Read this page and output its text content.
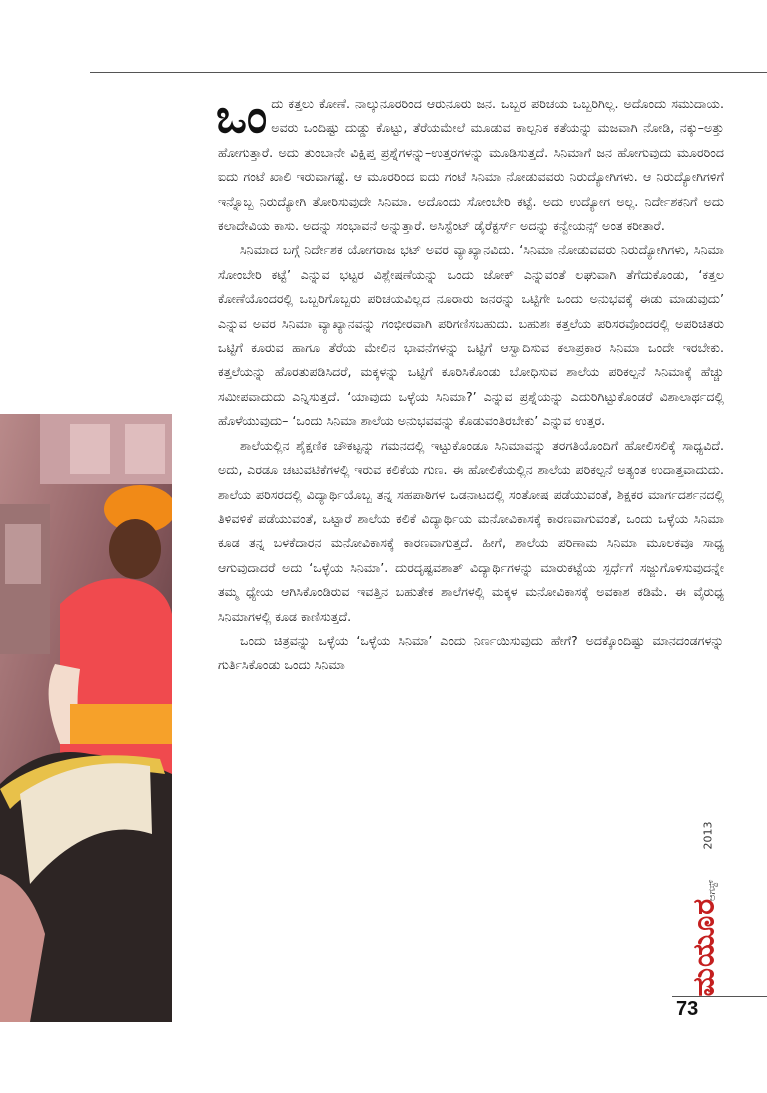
ಒಂದು ಕತ್ತಲು ಕೋಣೆ. ನಾಲ್ಕುನೂರರಿಂದ ಆರುನೂರು ಜನ. ಒಬ್ಬರ ಪರಿಚಯ ಒಬ್ಬರಿಗಿಲ್ಲ. ಅದೊಂದು ಸಮುದಾಯ. ಅವರು ಒಂದಿಷ್ಟು ದುಡ್ಡು ಕೊಟ್ಟು, ತೆರೆಯಮೇಲೆ ಮೂಡುವ ಕಾಲ್ಪನಿಕ ಕತೆಯನ್ನು ಮಜವಾಗಿ ನೋಡಿ, ನಕ್ಕು–ಅತ್ತು ಹೋಗುತ್ತಾರೆ. ಅದು ತುಂಬಾನೇ ವಿಕ್ಷಿಪ್ತ ಪ್ರಶ್ನೆಗಳನ್ನು–ಉತ್ತರಗಳನ್ನು ಮೂಡಿಸುತ್ತದೆ. ಸಿನಿಮಾಗೆ ಜನ ಹೋಗುವುದು ಮೂರರಿಂದ ಐದು ಗಂಟೆ ಖಾಲಿ ಇರುವಾಗಷ್ಟೆ. ಆ ಮೂರರಿಂದ ಐದು ಗಂಟೆ ಸಿನಿಮಾ ನೋಡುವವರು ನಿರುದ್ಯೋಗಿಗಳು. ಆ ನಿರುದ್ಯೋಗಿಗಳಿಗೆ ಇನ್ನೊಬ್ಬ ನಿರುದ್ಯೋಗಿ ತೋರಿಸುವುದೇ ಸಿನಿಮಾ. ಅದೊಂದು ಸೋಂಬೇರಿ ಕಟ್ಟೆ. ಅದು ಉದ್ಯೋಗ ಅಲ್ಲ. ನಿರ್ದೇಶಕನಿಗೆ ಅದು ಕಲಾದೇವಿಯ ಕಾಸು. ಅದನ್ನು ಸಂಭಾವನೆ ಅನ್ನುತ್ತಾರೆ. ಅಸಿಸ್ಟೆಂಟ್ ಡೈರೆಕ್ಟರ್ಸ್ ಅದನ್ನು ಕನ್ವೇಯನ್ಸ್ ಅಂತ ಕರೀತಾರೆ.

ಸಿನಿಮಾದ ಬಗ್ಗೆ ನಿರ್ದೇಶಕ ಯೋಗರಾಜ ಭಟ್ ಅವರ ವ್ಯಾಖ್ಯಾನವಿದು. ‘ಸಿನಿಮಾ ನೋಡುವವರು ನಿರುದ್ಯೋಗಿಗಳು, ಸಿನಿಮಾ ಸೋಂಬೇರಿ ಕಟ್ಟೆ’ ಎನ್ನುವ ಭಟ್ಟರ ವಿಶ್ಲೇಷಣೆಯನ್ನು ಒಂದು ಜೋಕ್ ಎನ್ನುವಂತೆ ಲಘುವಾಗಿ ತೆಗೆದುಕೊಂಡು, ‘ಕತ್ತಲ ಕೋಣೆಯೊಂದರಲ್ಲಿ ಒಬ್ಬರಿಗೊಬ್ಬರು ಪರಿಚಯವಿಲ್ಲದ ನೂರಾರು ಜನರನ್ನು ಒಟ್ಟಿಗೇ ಒಂದು ಅನುಭವಕ್ಕೆ ಈಡು ಮಾಡುವುದು’ ಎನ್ನುವ ಅವರ ಸಿನಿಮಾ ವ್ಯಾಖ್ಯಾನವನ್ನು ಗಂಭೀರವಾಗಿ ಪರಿಗಣಿಸಬಹುದು. ಬಹುಶಃ ಕತ್ತಲೆಯ ಪರಿಸರವೊಂದರಲ್ಲಿ ಅಪರಿಚಿತರು ಒಟ್ಟಿಗೆ ಕೂರುವ ಹಾಗೂ ತೆರೆಯ ಮೇಲಿನ ಭಾವನೆಗಳನ್ನು ಒಟ್ಟಿಗೆ ಆಸ್ವಾದಿಸುವ ಕಲಾಪ್ರಕಾರ ಸಿನಿಮಾ ಒಂದೇ ಇರಬೇಕು. ಕತ್ತಲೆಯನ್ನು ಹೊರತುಪಡಿಸಿದರೆ, ಮಕ್ಕಳನ್ನು ಒಟ್ಟಿಗೆ ಕೂರಿಸಿಕೊಂಡು ಬೋಧಿಸುವ ಶಾಲೆಯ ಪರಿಕಲ್ಪನೆ ಸಿನಿಮಾಕ್ಕೆ ಹೆಚ್ಚು ಸಮೀಪವಾದುದು ಎನ್ನಿಸುತ್ತದೆ. ‘ಯಾವುದು ಒಳ್ಳೆಯ ಸಿನಿಮಾ?’ ಎನ್ನುವ ಪ್ರಶ್ನೆಯನ್ನು ಎದುರಿಗಿಟ್ಟುಕೊಂಡರೆ ವಿಶಾಲಾರ್ಥದಲ್ಲಿ ಹೊಳೆಯುವುದು– ‘ಒಂದು ಸಿನಿಮಾ ಶಾಲೆಯ ಅನುಭವವನ್ನು ಕೊಡುವಂತಿರಬೇಕು’ ಎನ್ನುವ ಉತ್ತರ.

ಶಾಲೆಯಲ್ಲಿನ ಶೈಕ್ಷಣಿಕ ಚೌಕಟ್ಟನ್ನು ಗಮನದಲ್ಲಿ ಇಟ್ಟುಕೊಂಡೂ ಸಿನಿಮಾವನ್ನು ತರಗತಿಯೊಂದಿಗೆ ಹೋಲಿಸಲಿಕ್ಕೆ ಸಾಧ್ಯವಿದೆ. ಅದು, ಎರಡೂ ಚಟುವಟಿಕೆಗಳಲ್ಲಿ ಇರುವ ಕಲಿಕೆಯ ಗುಣ. ಈ ಹೋಲಿಕೆಯಲ್ಲಿನ ಶಾಲೆಯ ಪರಿಕಲ್ಪನೆ ಅತ್ಯಂತ ಉದಾತ್ತವಾದುದು. ಶಾಲೆಯ ಪರಿಸರದಲ್ಲಿ ವಿದ್ಯಾರ್ಥಿಯೊಬ್ಬ ತನ್ನ ಸಹಪಾಠಿಗಳ ಒಡನಾಟದಲ್ಲಿ ಸಂತೋಷ ಪಡೆಯುವಂತೆ, ಶಿಕ್ಷಕರ ಮಾರ್ಗದರ್ಶನದಲ್ಲಿ ತಿಳಿವಳಿಕೆ ಪಡೆಯುವಂತೆ, ಒಟ್ಟಾರೆ ಶಾಲೆಯ ಕಲಿಕೆ ವಿದ್ಯಾರ್ಥಿಯ ಮನೋವಿಕಾಸಕ್ಕೆ ಕಾರಣವಾಗುವಂತೆ, ಒಂದು ಒಳ್ಳೆಯ ಸಿನಿಮಾ ಕೂಡ ತನ್ನ ಬಳಕೆದಾರನ ಮನೋವಿಕಾಸಕ್ಕೆ ಕಾರಣವಾಗುತ್ತದೆ. ಹೀಗೆ, ಶಾಲೆಯ ಪರಿಣಾಮ ಸಿನಿಮಾ ಮೂಲಕವೂ ಸಾಧ್ಯ ಆಗುವುದಾದರೆ ಅದು ‘ಒಳ್ಳೆಯ ಸಿನಿಮಾ’. ದುರದೃಷ್ಟವಶಾತ್ ವಿದ್ಯಾರ್ಥಿಗಳನ್ನು ಮಾರುಕಟ್ಟೆಯ ಸ್ಪರ್ಧೆಗೆ ಸಜ್ಜುಗೊಳಿಸುವುದನ್ನೇ ತಮ್ಮ ಧ್ಯೇಯ ಆಗಿಸಿಕೊಂಡಿರುವ ಇವತ್ತಿನ ಬಹುತೇಕ ಶಾಲೆಗಳಲ್ಲಿ ಮಕ್ಕಳ ಮನೋವಿಕಾಸಕ್ಕೆ ಅವಕಾಶ ಕಡಿಮೆ. ಈ ವೈರುಧ್ಯ ಸಿನಿಮಾಗಳಲ್ಲಿ ಕೂಡ ಕಾಣಿಸುತ್ತದೆ.

ಒಂದು ಚಿತ್ರವನ್ನು ಒಳ್ಳೆಯ ‘ಒಳ್ಳೆಯ ಸಿನಿಮಾ’ ಎಂದು ನಿರ್ಣಯಿಸುವುದು ಹೇಗೆ? ಅದಕ್ಕೊಂದಿಷ್ಟು ಮಾನದಂಡಗಳನ್ನು ಗುರ್ತಿಸಿಕೊಂಡು ಒಂದು ಸಿನಿಮಾ

2013
ಆಗಸ್ಟ್
ಮಯೂರ
73
